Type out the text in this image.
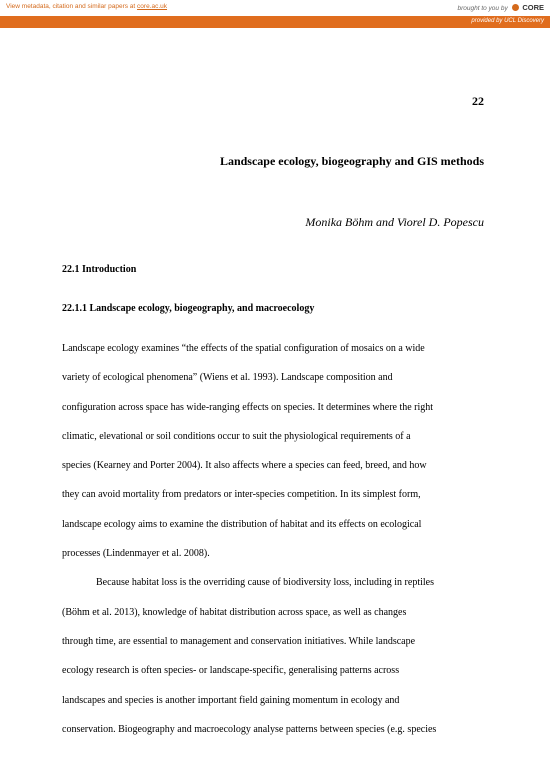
View metadata, citation and similar papers at core.ac.uk	brought to you by CORE
provided by UCL Discovery
22
Landscape ecology, biogeography and GIS methods
Monika Böhm and Viorel D. Popescu
22.1 Introduction
22.1.1 Landscape ecology, biogeography, and macroecology
Landscape ecology examines “the effects of the spatial configuration of mosaics on a wide
variety of ecological phenomena” (Wiens et al. 1993). Landscape composition and
configuration across space has wide-ranging effects on species. It determines where the right
climatic, elevational or soil conditions occur to suit the physiological requirements of a
species (Kearney and Porter 2004). It also affects where a species can feed, breed, and how
they can avoid mortality from predators or inter-species competition. In its simplest form,
landscape ecology aims to examine the distribution of habitat and its effects on ecological
processes (Lindenmayer et al. 2008).
Because habitat loss is the overriding cause of biodiversity loss, including in reptiles
(Böhm et al. 2013), knowledge of habitat distribution across space, as well as changes
through time, are essential to management and conservation initiatives. While landscape
ecology research is often species- or landscape-specific, generalising patterns across
landscapes and species is another important field gaining momentum in ecology and
conservation. Biogeography and macroecology analyse patterns between species (e.g. species
